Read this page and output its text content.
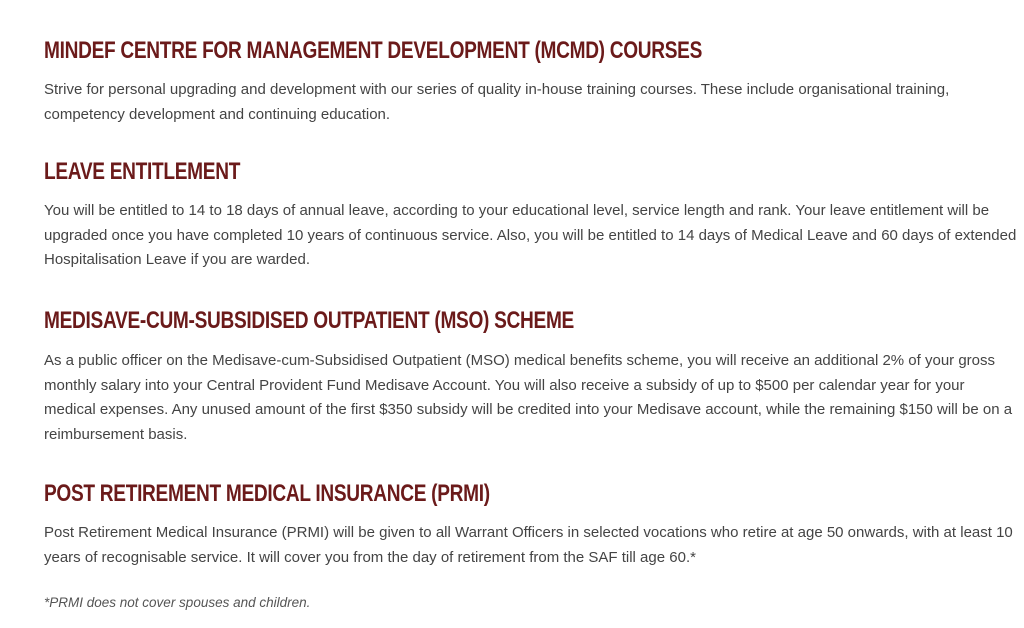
MINDEF CENTRE FOR MANAGEMENT DEVELOPMENT (MCMD) COURSES

Strive for personal upgrading and development with our series of quality in-house training courses. These include organisational training, competency development and continuing education.

LEAVE ENTITLEMENT

You will be entitled to 14 to 18 days of annual leave, according to your educational level, service length and rank. Your leave entitlement will be upgraded once you have completed 10 years of continuous service. Also, you will be entitled to 14 days of Medical Leave and 60 days of extended Hospitalisation Leave if you are warded.

MEDISAVE-CUM-SUBSIDISED OUTPATIENT (MSO) SCHEME

As a public officer on the Medisave-cum-Subsidised Outpatient (MSO) medical benefits scheme, you will receive an additional 2% of your gross monthly salary into your Central Provident Fund Medisave Account. You will also receive a subsidy of up to $500 per calendar year for your medical expenses. Any unused amount of the first $350 subsidy will be credited into your Medisave account, while the remaining $150 will be on a reimbursement basis.

POST RETIREMENT MEDICAL INSURANCE (PRMI)

Post Retirement Medical Insurance (PRMI) will be given to all Warrant Officers in selected vocations who retire at age 50 onwards, with at least 10 years of recognisable service. It will cover you from the day of retirement from the SAF till age 60.*

*PRMI does not cover spouses and children.
